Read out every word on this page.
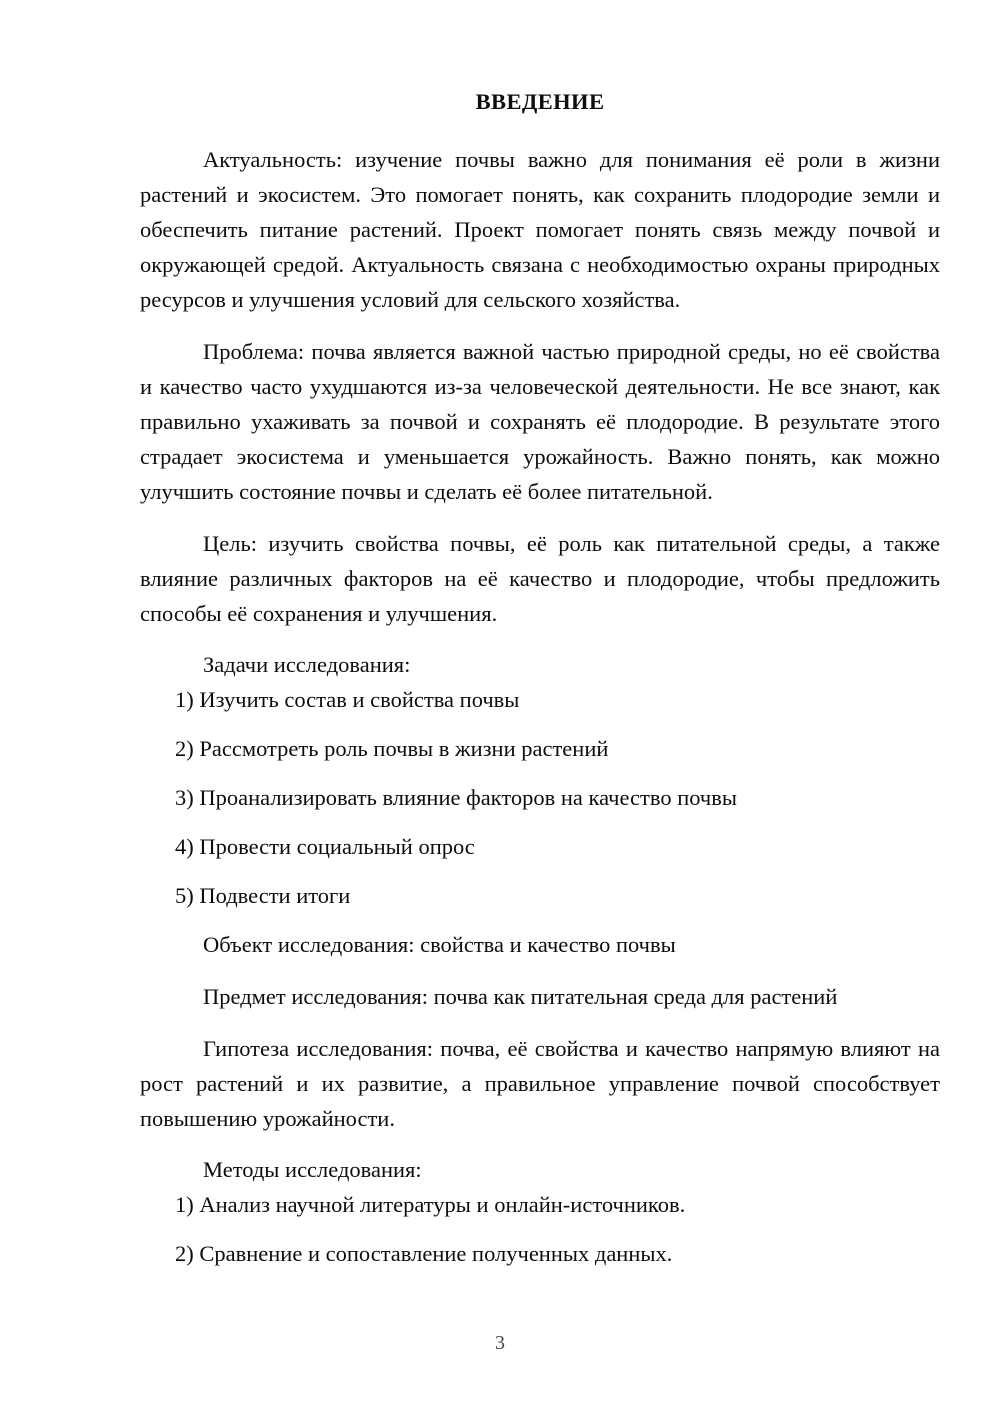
ВВЕДЕНИЕ

Актуальность: изучение почвы важно для понимания её роли в жизни растений и экосистем. Это помогает понять, как сохранить плодородие земли и обеспечить питание растений. Проект помогает понять связь между почвой и окружающей средой. Актуальность связана с необходимостью охраны природных ресурсов и улучшения условий для сельского хозяйства.

Проблема: почва является важной частью природной среды, но её свойства и качество часто ухудшаются из-за человеческой деятельности. Не все знают, как правильно ухаживать за почвой и сохранять её плодородие. В результате этого страдает экосистема и уменьшается урожайность. Важно понять, как можно улучшить состояние почвы и сделать её более питательной.

Цель: изучить свойства почвы, её роль как питательной среды, а также влияние различных факторов на её качество и плодородие, чтобы предложить способы её сохранения и улучшения.

Задачи исследования:

1) Изучить состав и свойства почвы
2) Рассмотреть роль почвы в жизни растений
3) Проанализировать влияние факторов на качество почвы
4) Провести социальный опрос
5) Подвести итоги

Объект исследования: свойства и качество почвы

Предмет исследования: почва как питательная среда для растений

Гипотеза исследования: почва, её свойства и качество напрямую влияют на рост растений и их развитие, а правильное управление почвой способствует повышению урожайности.

Методы исследования:

1) Анализ научной литературы и онлайн-источников.
2) Сравнение и сопоставление полученных данных.
3
